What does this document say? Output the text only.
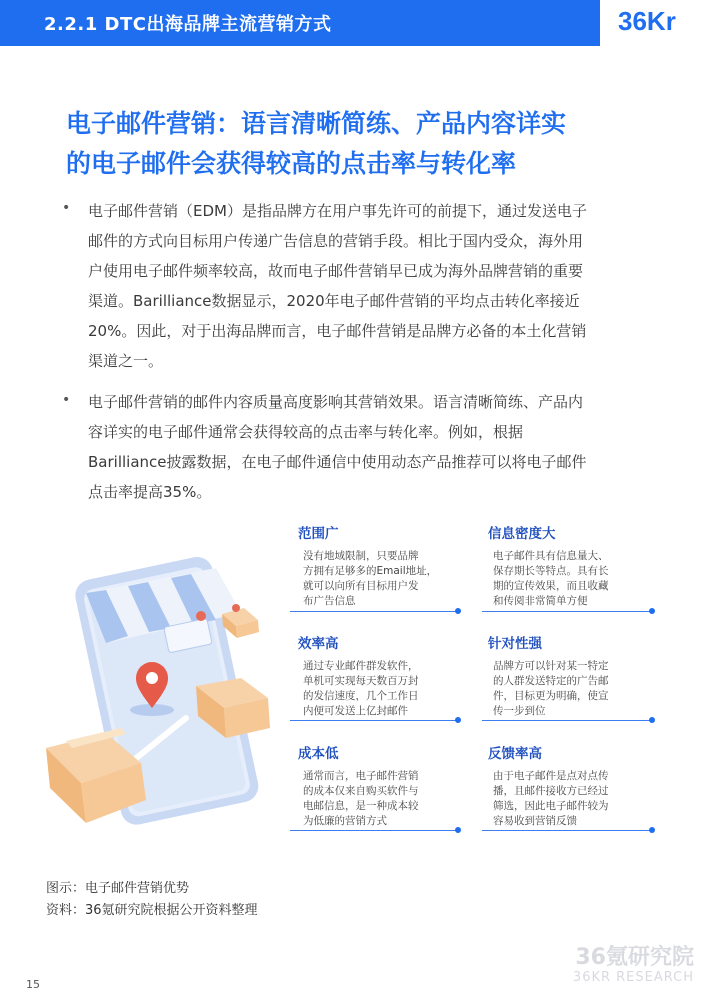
2.2.1 DTC出海品牌主流营销方式	36Kr
电子邮件营销：语言清晰简练、产品内容详实
的电子邮件会获得较高的点击率与转化率
• 电子邮件营销（EDM）是指品牌方在用户事先许可的前提下，通过发送电子
邮件的方式向目标用户传递广告信息的营销手段。相比于国内受众，海外用
户使用电子邮件频率较高，故而电子邮件营销早已成为海外品牌营销的重要
渠道。Barilliance数据显示，2020年电子邮件营销的平均点击转化率接近
20%。因此，对于出海品牌而言，电子邮件营销是品牌方必备的本土化营销
渠道之一。
• 电子邮件营销的邮件内容质量高度影响其营销效果。语言清晰简练、产品内
容详实的电子邮件通常会获得较高的点击率与转化率。例如，根据
Barilliance披露数据，在电子邮件通信中使用动态产品推荐可以将电子邮件
点击率提高35%。
范围广
没有地域限制，只要品牌
方拥有足够多的Email地址，
就可以向所有目标用户发
布广告信息
信息密度大
电子邮件具有信息量大、
保存期长等特点。具有长
期的宣传效果，而且收藏
和传阅非常简单方便
效率高
通过专业邮件群发软件，
单机可实现每天数百万封
的发信速度，几个工作日
内便可发送上亿封邮件
针对性强
品牌方可以针对某一特定
的人群发送特定的广告邮
件，目标更为明确，使宣
传一步到位
成本低
通常而言，电子邮件营销
的成本仅来自购买软件与
电邮信息，是一种成本较
为低廉的营销方式
反馈率高
由于电子邮件是点对点传
播，且邮件接收方已经过
筛选，因此电子邮件较为
容易收到营销反馈
图示：电子邮件营销优势
资料：36氪研究院根据公开资料整理
36氪研究院
36KR RESEARCH
15
